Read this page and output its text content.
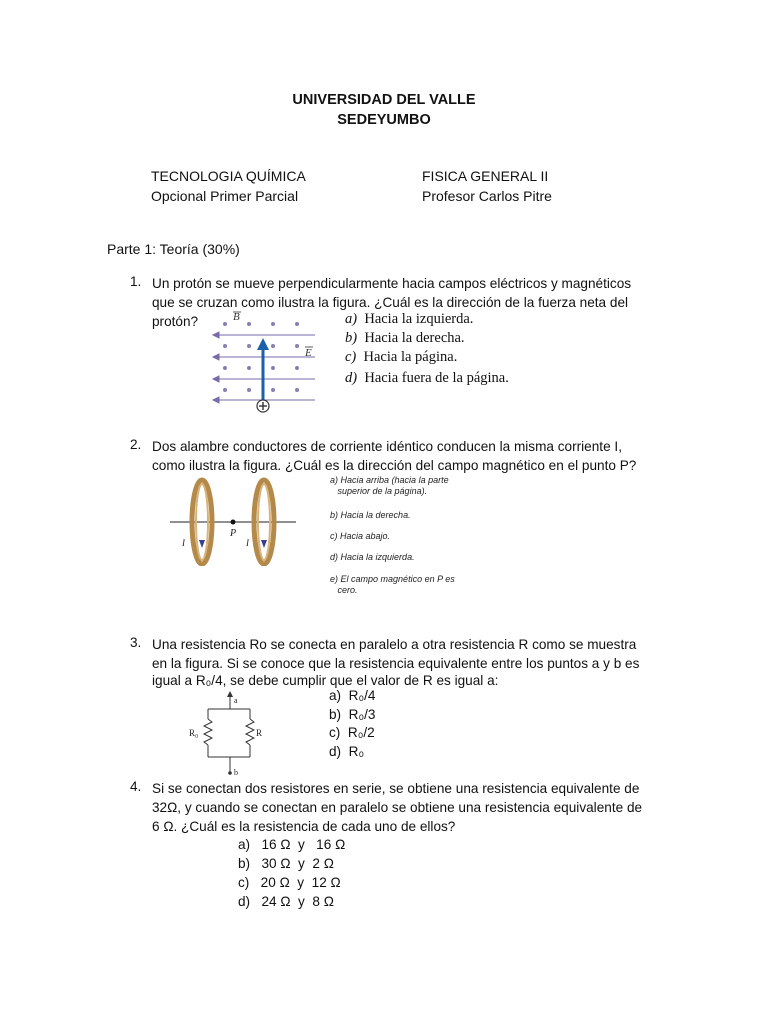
UNIVERSIDAD DEL VALLE
SEDEYUMBO
TECNOLOGIA QUÍMICA
Opcional Primer Parcial
FISICA GENERAL II
Profesor Carlos Pitre
Parte 1: Teoría (30%)
1. Un protón se mueve perpendicularmente hacia campos eléctricos y magnéticos
que se cruzan como ilustra la figura. ¿Cuál es la dirección de la fuerza neta del
protón?	B
E
a) Hacia la izquierda.
b) Hacia la derecha.
c) Hacia la página.
d) Hacia fuera de la página.
2. Dos alambre conductores de corriente idéntico conducen la misma corriente I,
como ilustra la figura. ¿Cuál es la dirección del campo magnético en el punto P?
P
I	I
a) Hacia arriba (hacia la parte
superior de la página).
b) Hacia la derecha.
c) Hacia abajo.
d) Hacia la izquierda.
e) El campo magnético en P es
cero.
3. Una resistencia Ro se conecta en paralelo a otra resistencia R como se muestra
en la figura. Si se conoce que la resistencia equivalente entre los puntos a y b es
igual a R₀/4, se debe cumplir que el valor de R es igual a:
a
b
R₀	R
a) R₀/4
b) R₀/3
c) R₀/2
d) R₀
4. Si se conectan dos resistores en serie, se obtiene una resistencia equivalente de
32Ω, y cuando se conectan en paralelo se obtiene una resistencia equivalente de
6 Ω. ¿Cuál es la resistencia de cada uno de ellos?
a) 16 Ω  y   16 Ω
b) 30 Ω  y  2 Ω
c) 20 Ω  y  12 Ω
d) 24 Ω  y  8 Ω
